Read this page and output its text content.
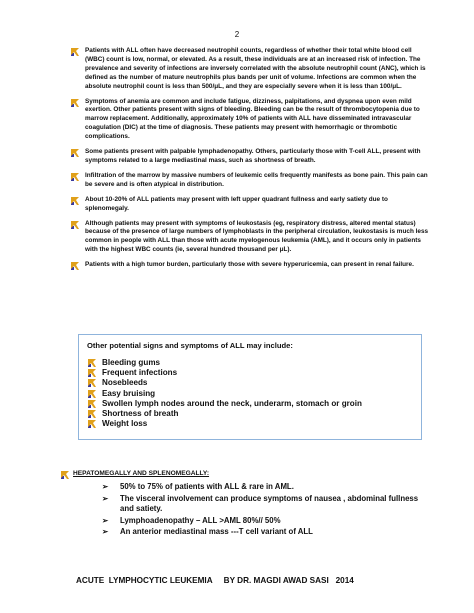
2
Patients with ALL often have decreased neutrophil counts, regardless of whether their total white blood cell (WBC) count is low, normal, or elevated. As a result, these individuals are at an increased risk of infection. The prevalence and severity of infections are inversely correlated with the absolute neutrophil count (ANC), which is defined as the number of mature neutrophils plus bands per unit of volume. Infections are common when the absolute neutrophil count is less than 500/μL, and they are especially severe when it is less than 100/μL.
Symptoms of anemia are common and include fatigue, dizziness, palpitations, and dyspnea upon even mild exertion. Other patients present with signs of bleeding. Bleeding can be the result of thrombocytopenia due to marrow replacement. Additionally, approximately 10% of patients with ALL have disseminated intravascular coagulation (DIC) at the time of diagnosis. These patients may present with hemorrhagic or thrombotic complications.
Some patients present with palpable lymphadenopathy. Others, particularly those with T-cell ALL, present with symptoms related to a large mediastinal mass, such as shortness of breath.
Infiltration of the marrow by massive numbers of leukemic cells frequently manifests as bone pain. This pain can be severe and is often atypical in distribution.
About 10-20% of ALL patients may present with left upper quadrant fullness and early satiety due to splenomegaly.
Although patients may present with symptoms of leukostasis (eg, respiratory distress, altered mental status) because of the presence of large numbers of lymphoblasts in the peripheral circulation, leukostasis is much less common in people with ALL than those with acute myelogenous leukemia (AML), and it occurs only in patients with the highest WBC counts (ie, several hundred thousand per μL).
Patients with a high tumor burden, particularly those with severe hyperuricemia, can present in renal failure.
Other potential signs and symptoms of ALL may include:
Bleeding gums
Frequent infections
Nosebleeds
Easy bruising
Swollen lymph nodes around the neck, underarm, stomach or groin
Shortness of breath
Weight loss
HEPATOMEGALLY AND SPLENOMEGALLY:
➢ 50% to 75% of patients with ALL & rare in AML.
➢ The visceral involvement can produce symptoms of nausea , abdominal fullness and satiety.
➢ Lymphoadenopathy – ALL >AML 80%// 50%
➢ An anterior mediastinal mass ---T cell variant of ALL
ACUTE  LYMPHOCYTIC LEUKEMIA     BY DR. MAGDI AWAD SASI   2014
